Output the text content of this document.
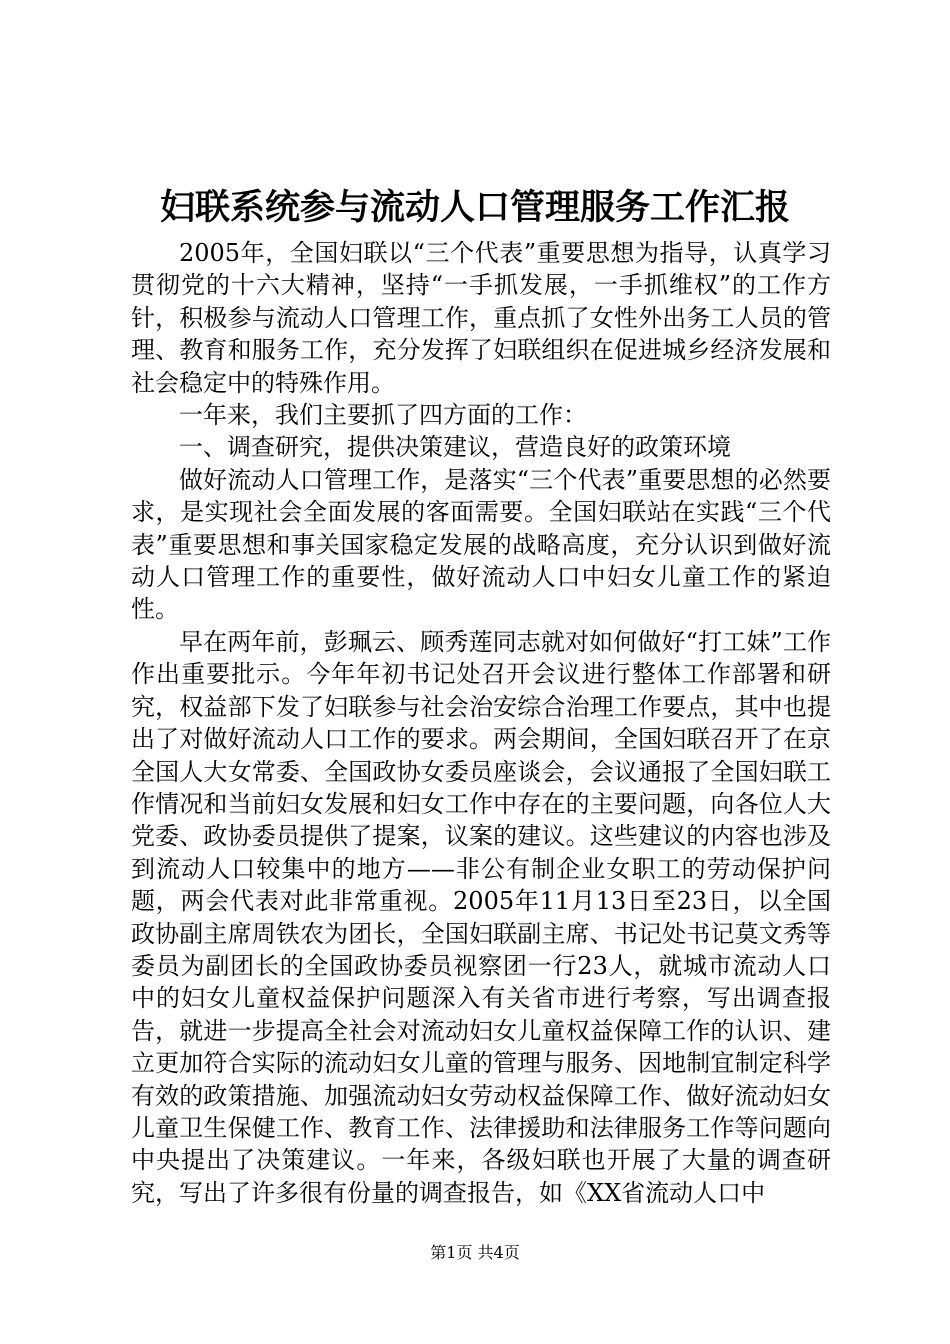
妇联系统参与流动人口管理服务工作汇报

2005年，全国妇联以“三个代表”重要思想为指导，认真学习贯彻党的十六大精神，坚持“一手抓发展，一手抓维权”的工作方针，积极参与流动人口管理工作，重点抓了女性外出务工人员的管理、教育和服务工作，充分发挥了妇联组织在促进城乡经济发展和社会稳定中的特殊作用。

一年来，我们主要抓了四方面的工作：

一、调查研究，提供决策建议，营造良好的政策环境

做好流动人口管理工作，是落实“三个代表”重要思想的必然要求，是实现社会全面发展的客面需要。全国妇联站在实践“三个代表”重要思想和事关国家稳定发展的战略高度，充分认识到做好流动人口管理工作的重要性，做好流动人口中妇女儿童工作的紧迫性。

早在两年前，彭珮云、顾秀莲同志就对如何做好“打工妹”工作作出重要批示。今年年初书记处召开会议进行整体工作部署和研究，权益部下发了妇联参与社会治安综合治理工作要点，其中也提出了对做好流动人口工作的要求。两会期间，全国妇联召开了在京全国人大女常委、全国政协女委员座谈会，会议通报了全国妇联工作情况和当前妇女发展和妇女工作中存在的主要问题，向各位人大党委、政协委员提供了提案，议案的建议。这些建议的内容也涉及到流动人口较集中的地方——非公有制企业女职工的劳动保护问题，两会代表对此非常重视。2005年11月13日至23日，以全国政协副主席周铁农为团长，全国妇联副主席、书记处书记莫文秀等委员为副团长的全国政协委员视察团一行23人，就城市流动人口中的妇女儿童权益保护问题深入有关省市进行考察，写出调查报告，就进一步提高全社会对流动妇女儿童权益保障工作的认识、建立更加符合实际的流动妇女儿童的管理与服务、因地制宜制定科学有效的政策措施、加强流动妇女劳动权益保障工作、做好流动妇女儿童卫生保健工作、教育工作、法律援助和法律服务工作等问题向中央提出了决策建议。一年来，各级妇联也开展了大量的调查研究，写出了许多很有份量的调查报告，如《XX省流动人口中

第1页 共4页
